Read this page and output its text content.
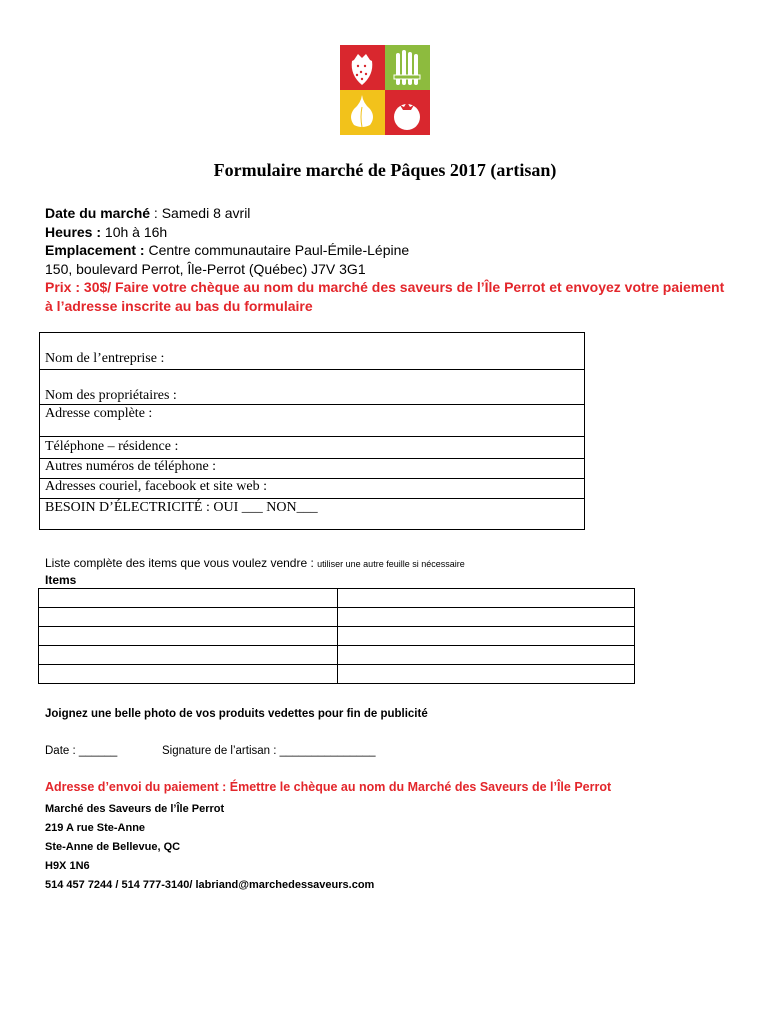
Formulaire marché de Pâques 2017 (artisan)
Date du marché : Samedi 8 avril
Heures : 10h à 16h
Emplacement : Centre communautaire Paul-Émile-Lépine
150, boulevard Perrot, Île-Perrot (Québec) J7V 3G1
Prix : 30$/ Faire votre chèque au nom du marché des saveurs de l’Île Perrot et envoyez votre paiement à l’adresse inscrite au bas du formulaire
Nom de l’entreprise :
Nom des propriétaires :
Adresse complète :
Téléphone – résidence :
Autres numéros de téléphone :
Adresses couriel, facebook et site web :
BESOIN D’ÉLECTRICITÉ : OUI ___ NON___
Liste complète des items que vous voulez vendre : utiliser une autre feuille si nécessaire
Items

Joignez une belle photo de vos produits vedettes pour fin de publicité
Date : ______	Signature de l’artisan : _______________
Adresse d’envoi du paiement : Émettre le chèque au nom du Marché des Saveurs de l’Île Perrot
Marché des Saveurs de l’Île Perrot
219 A rue Ste-Anne
Ste-Anne de Bellevue, QC
H9X 1N6
514 457 7244 / 514 777-3140/ labriand@marchedessaveurs.com
